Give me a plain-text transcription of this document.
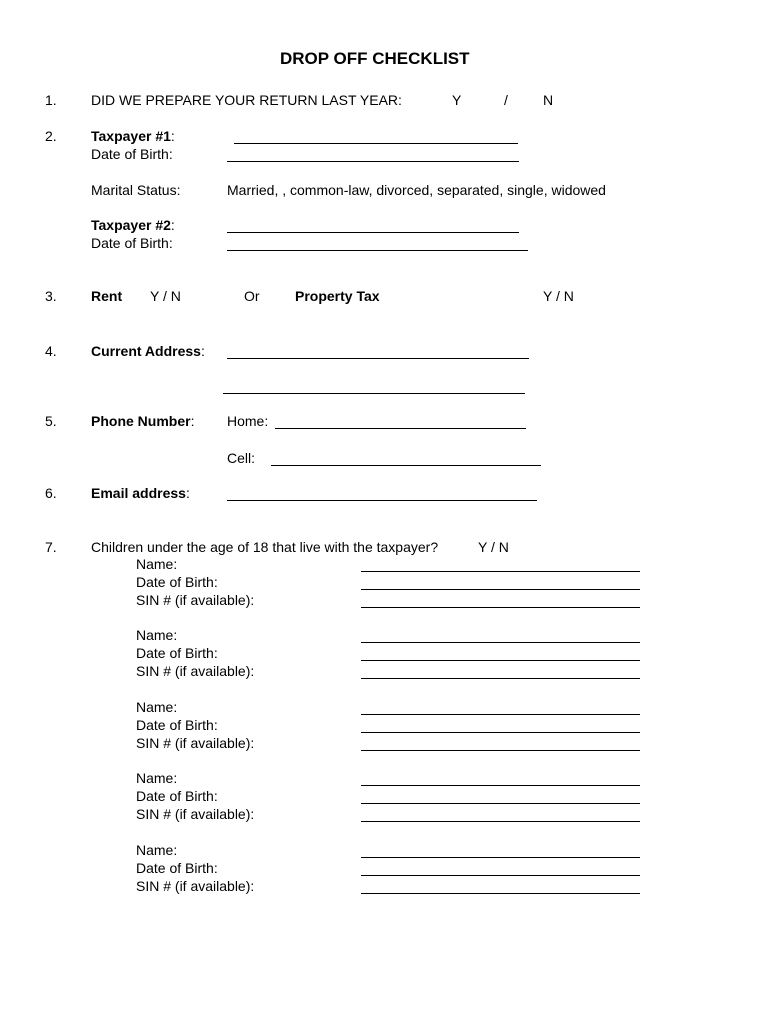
DROP OFF CHECKLIST
1. DID WE PREPARE YOUR RETURN LAST YEAR:	Y	/	N
2. Taxpayer #1:
Date of Birth:
Marital Status:	Married, , common-law, divorced, separated, single, widowed
Taxpayer #2:
Date of Birth:
3. Rent Y / N	Or	Property Tax	Y / N
4. Current Address:
5. Phone Number: Home:
Cell:
6. Email address:
7. Children under the age of 18 that live with the taxpayer?	Y / N
Name:
Date of Birth:
SIN # (if available):
Name:
Date of Birth:
SIN # (if available):
Name:
Date of Birth:
SIN # (if available):
Name:
Date of Birth:
SIN # (if available):
Name:
Date of Birth:
SIN # (if available):
